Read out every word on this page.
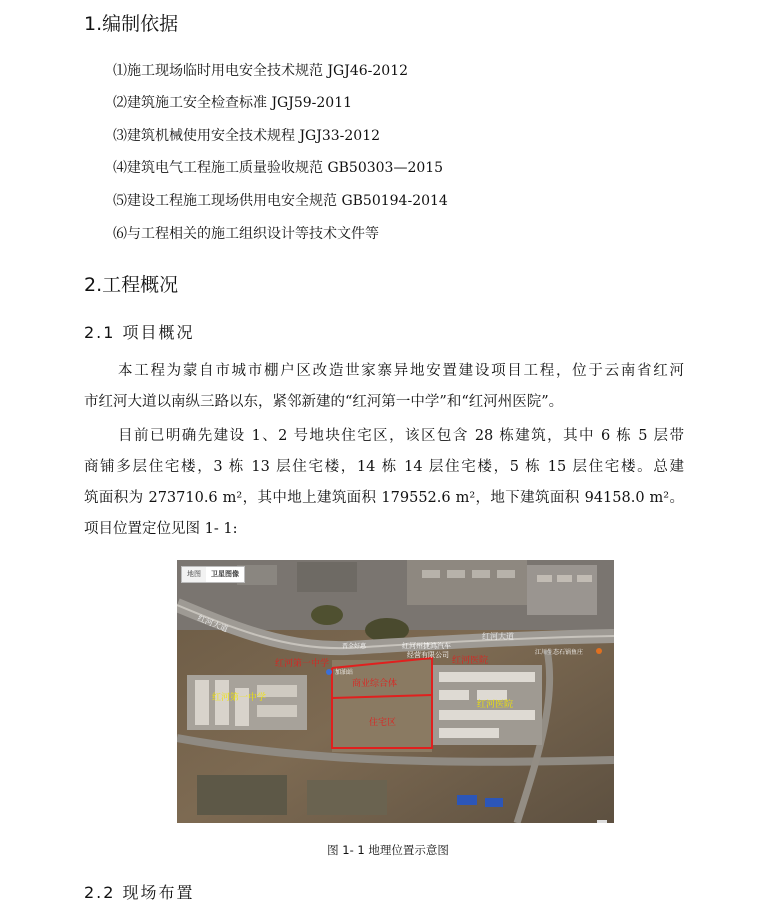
1.编制依据
⑴施工现场临时用电安全技术规范 JGJ46-2012
⑵建筑施工安全检查标准 JGJ59-2011
⑶建筑机械使用安全技术规程 JGJ33-2012
⑷建筑电气工程施工质量验收规范 GB50303—2015
⑸建设工程施工现场供用电安全规范 GB50194-2014
⑹与工程相关的施工组织设计等技术文件等
2.工程概况
2.1 项目概况
本工程为蒙自市城市棚户区改造世家寨异地安置建设项目工程，位于云南省红河
市红河大道以南纵三路以东，紧邻新建的“红河第一中学”和“红河州医院”。
目前已明确先建设 1、2 号地块住宅区，该区包含 28 栋建筑，其中 6 栋 5 层带
商铺多层住宅楼，3 栋 13 层住宅楼，14 栋 14 层住宅楼，5 栋 15 层住宅楼。总建
筑面积为 273710.6 m²，其中地上建筑面积 179552.6 m²，地下建筑面积 94158.0 m²。
项目位置定位见图 1- 1:
红河大道
红河大道
红河州捷鸿汽车
经营有限公司	江川生态石锅鱼庄
晋全好惠
加油站
红河第一中学	红河医院
红河第一中学
红河医院
商业综合体
住宅区
地图	卫星图像
图 1- 1 地理位置示意图
2.2 现场布置
